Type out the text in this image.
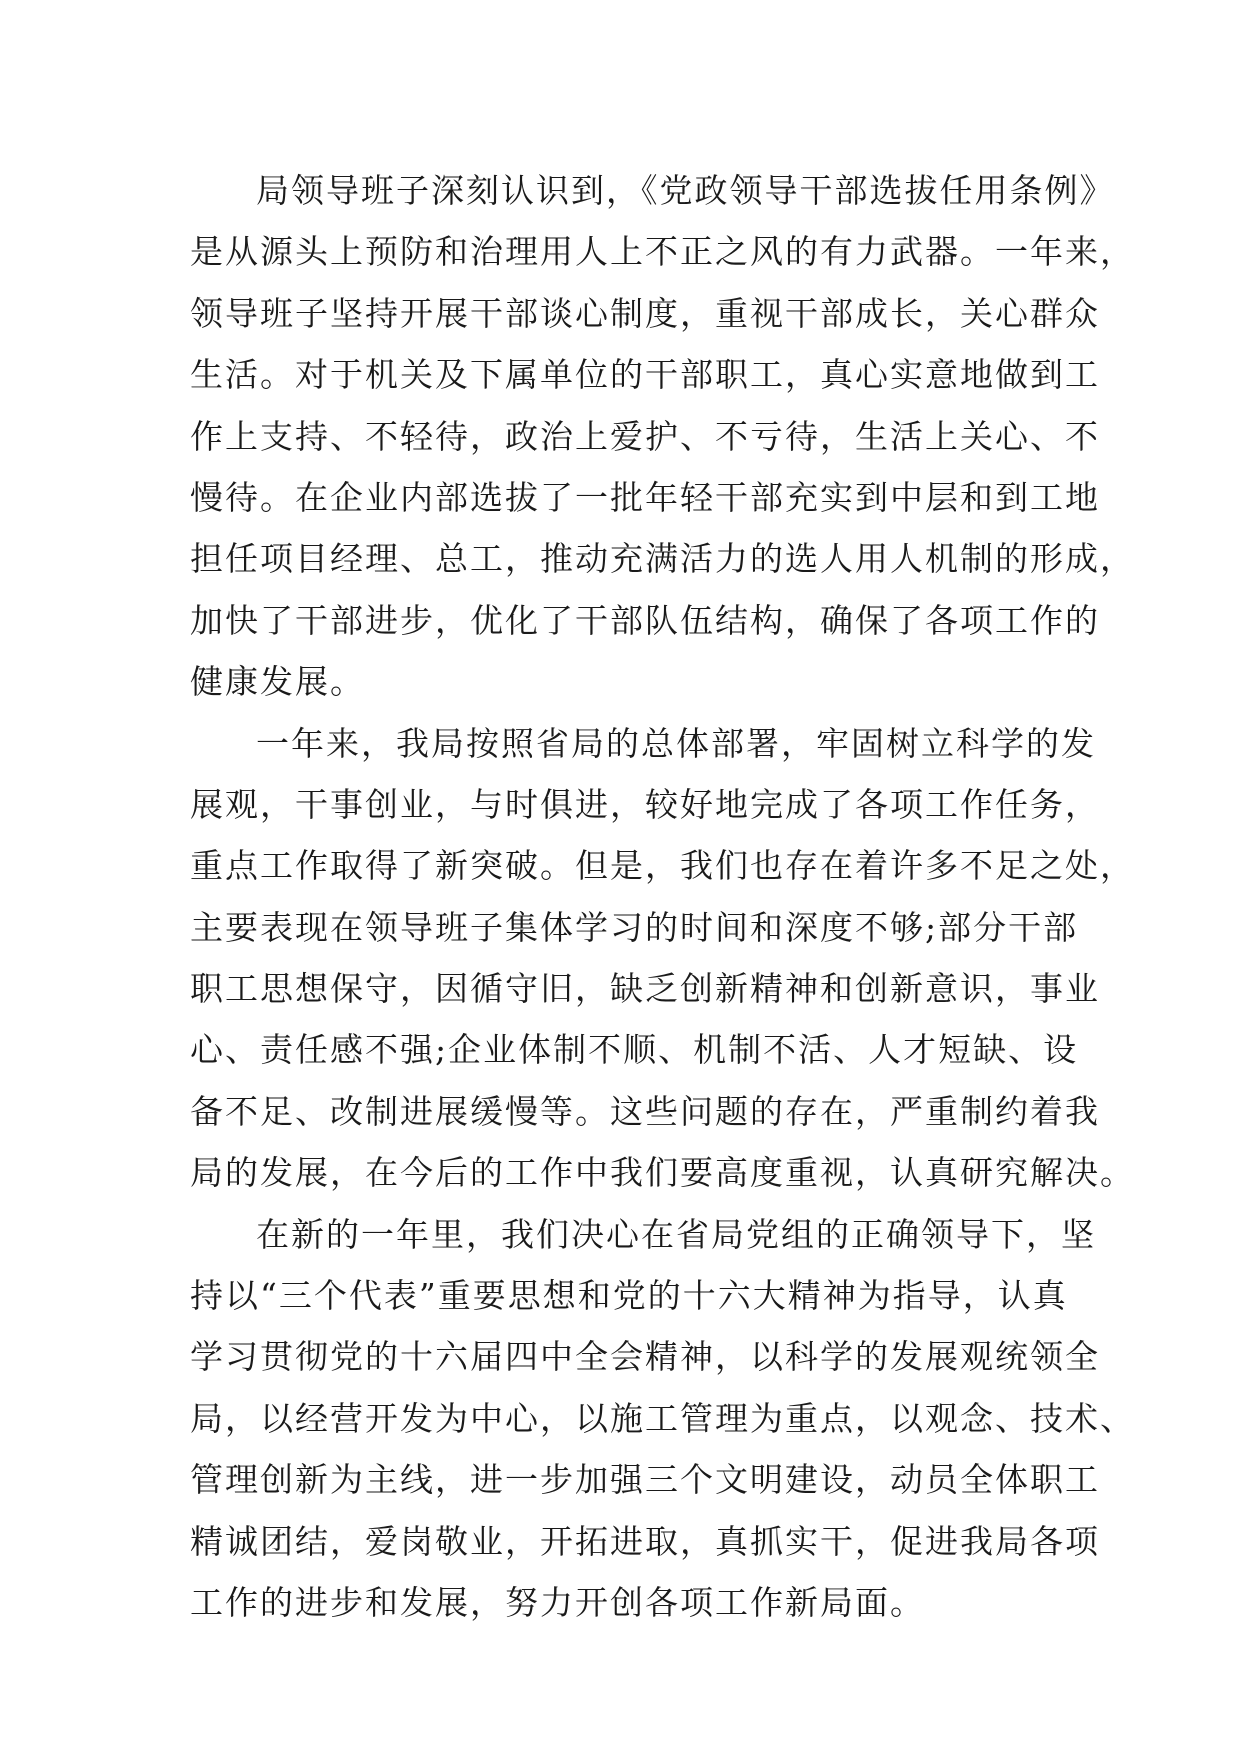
局领导班子深刻认识到，《党政领导干部选拔任用条例》
是从源头上预防和治理用人上不正之风的有力武器。一年来，
领导班子坚持开展干部谈心制度，重视干部成长，关心群众
生活。对于机关及下属单位的干部职工，真心实意地做到工
作上支持、不轻待，政治上爱护、不亏待，生活上关心、不
慢待。在企业内部选拔了一批年轻干部充实到中层和到工地
担任项目经理、总工，推动充满活力的选人用人机制的形成，
加快了干部进步，优化了干部队伍结构，确保了各项工作的
健康发展。
一年来，我局按照省局的总体部署，牢固树立科学的发
展观，干事创业，与时俱进，较好地完成了各项工作任务，
重点工作取得了新突破。但是，我们也存在着许多不足之处，
主要表现在领导班子集体学习的时间和深度不够;部分干部
职工思想保守，因循守旧，缺乏创新精神和创新意识，事业
心、责任感不强;企业体制不顺、机制不活、人才短缺、设
备不足、改制进展缓慢等。这些问题的存在，严重制约着我
局的发展，在今后的工作中我们要高度重视，认真研究解决。
在新的一年里，我们决心在省局党组的正确领导下，坚
持以“三个代表”重要思想和党的十六大精神为指导，认真
学习贯彻党的十六届四中全会精神，以科学的发展观统领全
局，以经营开发为中心，以施工管理为重点，以观念、技术、
管理创新为主线，进一步加强三个文明建设，动员全体职工
精诚团结，爱岗敬业，开拓进取，真抓实干，促进我局各项
工作的进步和发展，努力开创各项工作新局面。
